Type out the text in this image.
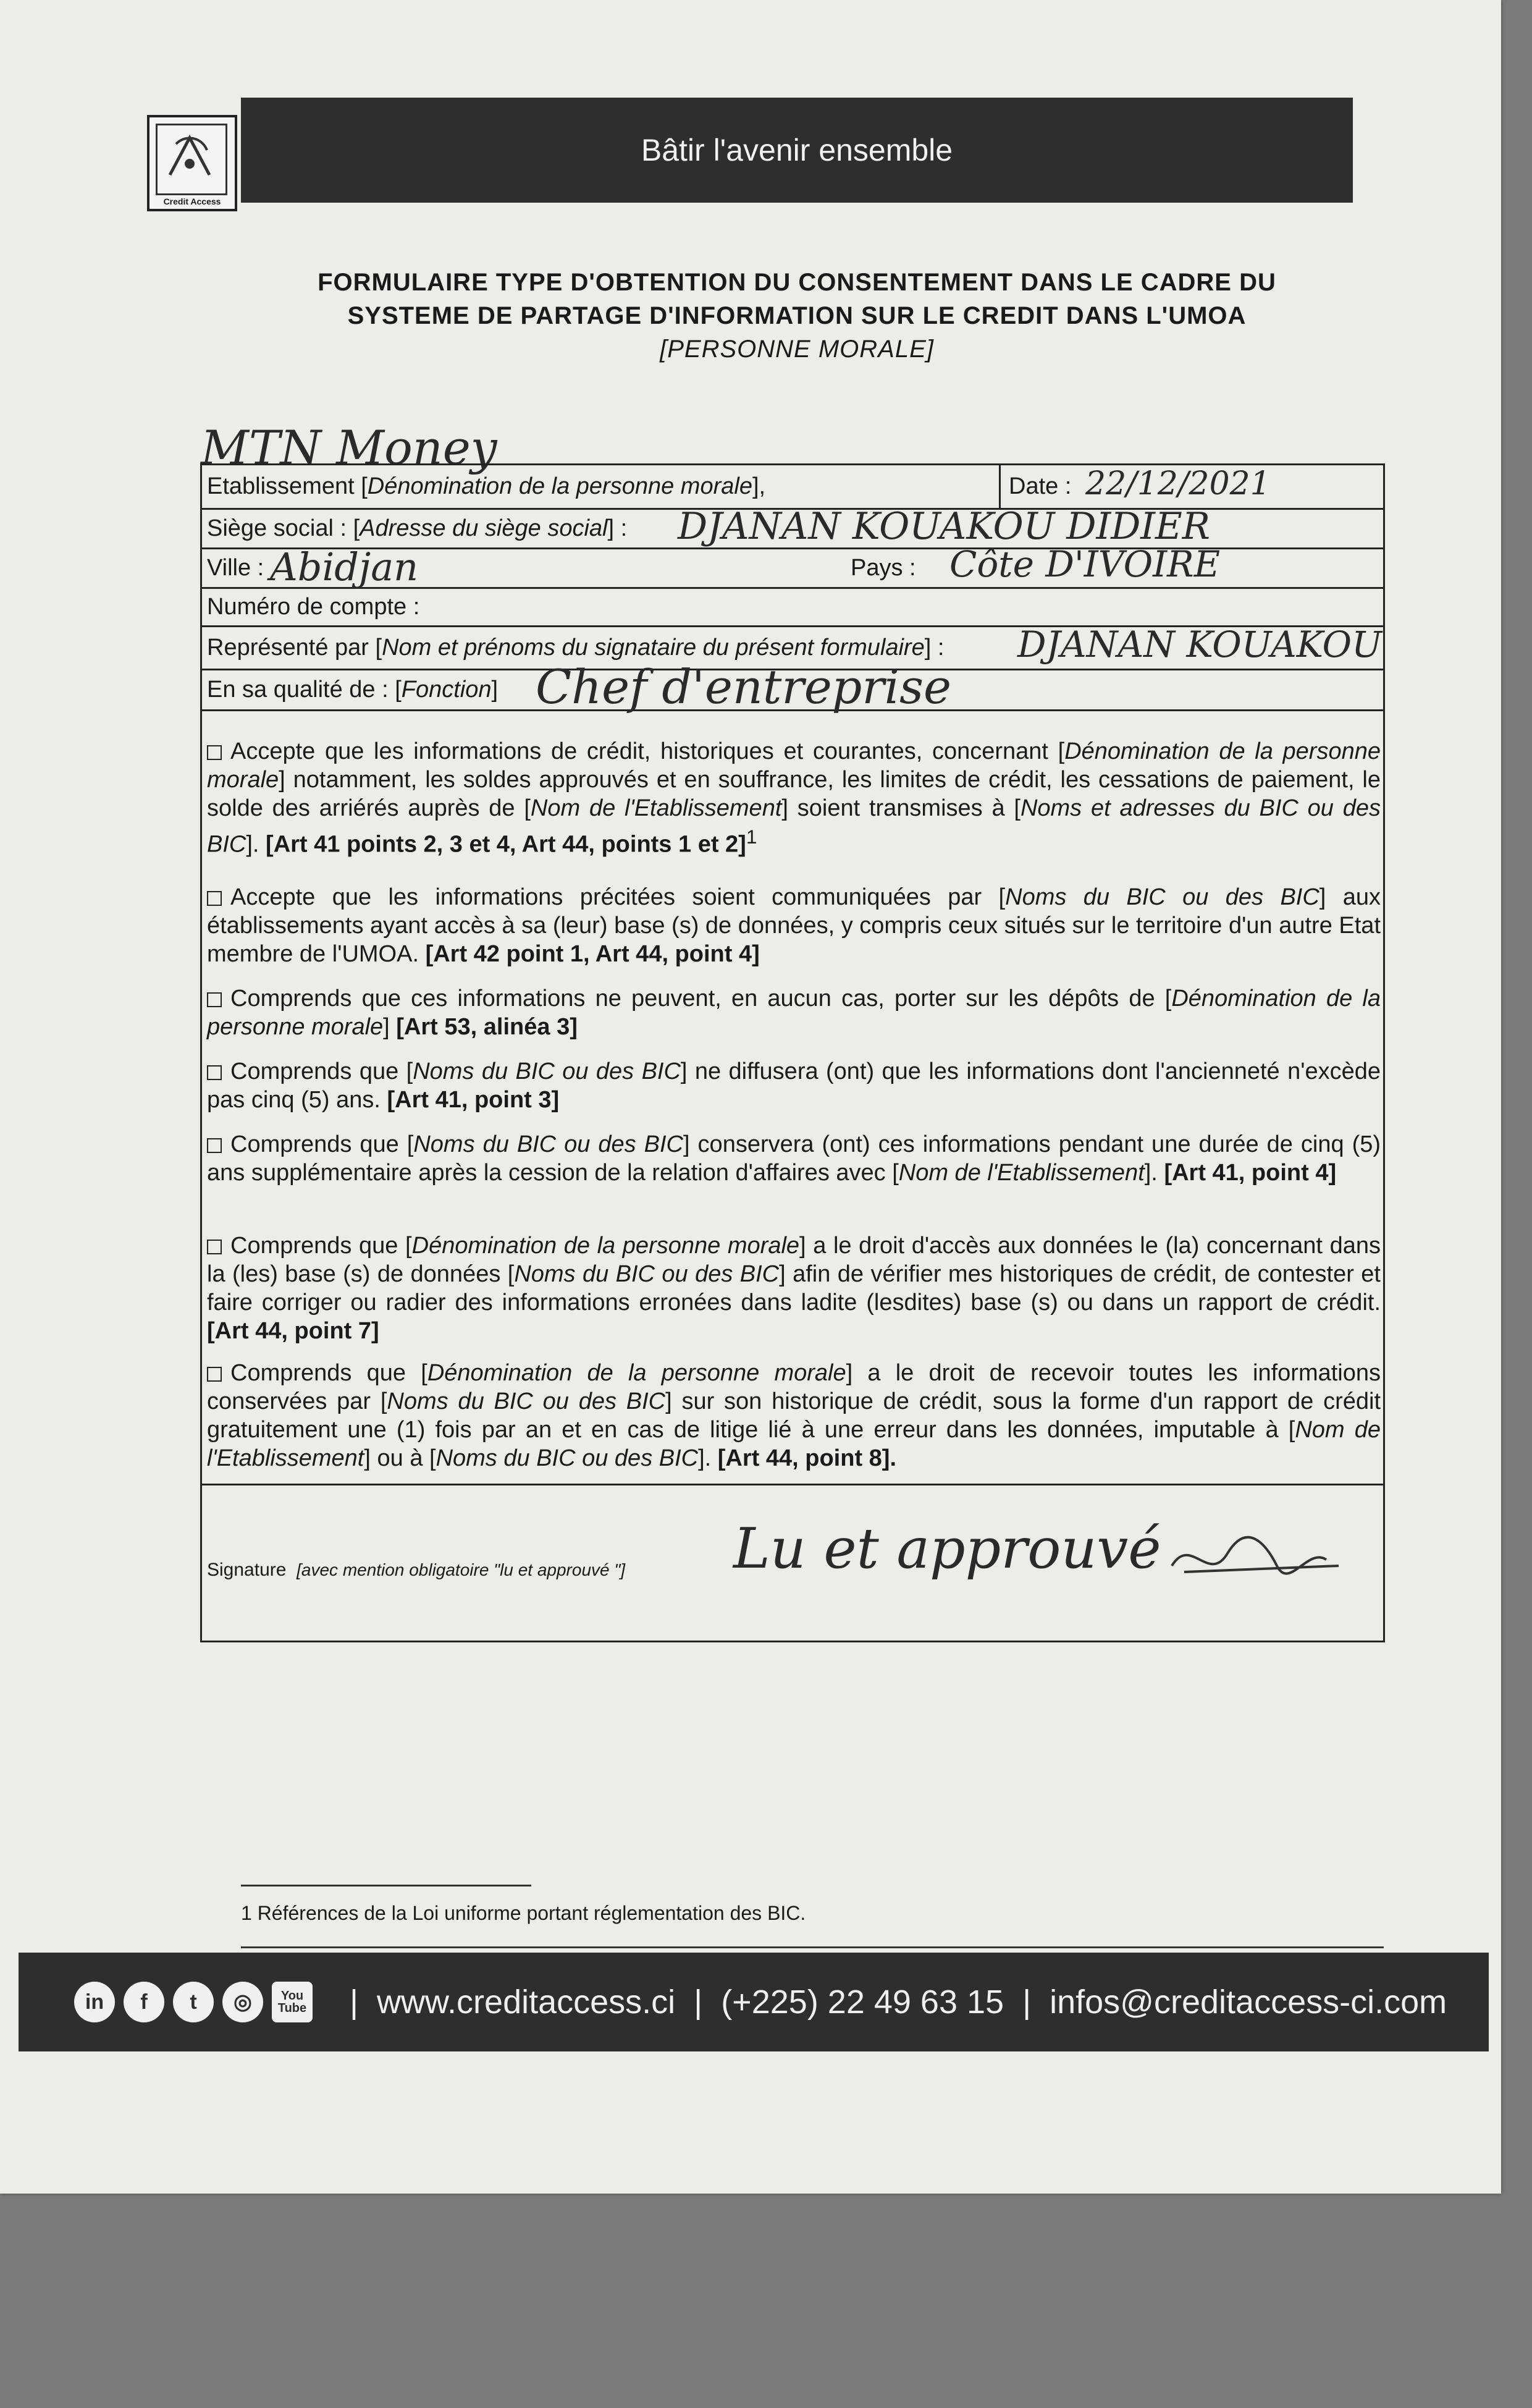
Credit Access
Bâtir l'avenir ensemble
FORMULAIRE TYPE D'OBTENTION DU CONSENTEMENT DANS LE CADRE DU
SYSTEME DE PARTAGE D'INFORMATION SUR LE CREDIT DANS L'UMOA
[PERSONNE MORALE]
MTN Money
Etablissement [ Dénomination de la personne morale ],	Date : 22/12/2021
Siège social : [ Adresse du siège social ] : DJANAN KOUAKOU DIDIER
Ville : Abidjan	Pays : Côte D'IVOIRE
Numéro de compte :
Représenté par [ Nom et prénoms du signataire du présent formulaire ] : DJANAN KOUAKOU
En sa qualité de : [ Fonction ] Chef d'entreprise
Accepte que les informations de crédit, historiques et courantes, concernant [Dénomination de la personne morale] notamment, les soldes approuvés et en souffrance, les limites de crédit, les cessations de paiement, le solde des arriérés auprès de [Nom de l'Etablissement] soient transmises à [Noms et adresses du BIC ou des BIC]. [Art 41 points 2, 3 et 4, Art 44, points 1 et 2]$^1$
Accepte que les informations précitées soient communiquées par [Noms du BIC ou des BIC] aux établissements ayant accès à sa (leur) base (s) de données, y compris ceux situés sur le territoire d'un autre Etat membre de l'UMOA. [Art 42 point 1, Art 44, point 4]
Comprends que ces informations ne peuvent, en aucun cas, porter sur les dépôts de [Dénomination de la personne morale] [Art 53, alinéa 3]
Comprends que [Noms du BIC ou des BIC] ne diffusera (ont) que les informations dont l'ancienneté n'excède pas cinq (5) ans. [Art 41, point 3]
Comprends que [Noms du BIC ou des BIC] conservera (ont) ces informations pendant une durée de cinq (5) ans supplémentaire après la cession de la relation d'affaires avec [Nom de l'Etablissement]. [Art 41, point 4]
Comprends que [Dénomination de la personne morale] a le droit d'accès aux données le (la) concernant dans la (les) base (s) de données [Noms du BIC ou des BIC] afin de vérifier mes historiques de crédit, de contester et faire corriger ou radier des informations erronées dans ladite (lesdites) base (s) ou dans un rapport de crédit. [Art 44, point 7]
Comprends que [Dénomination de la personne morale] a le droit de recevoir toutes les informations conservées par [Noms du BIC ou des BIC] sur son historique de crédit, sous la forme d'un rapport de crédit gratuitement une (1) fois par an et en cas de litige lié à une erreur dans les données, imputable à [Nom de l'Etablissement] ou à [Noms du BIC ou des BIC]. [Art 44, point 8].
Signature [avec mention obligatoire "lu et approuvé "] Lu et approuvé
1 Références de la Loi uniforme portant réglementation des BIC.
in	f	t	◎	You Tube |  www.creditaccess.ci  |  (+225) 22 49 63 15  |  infos@creditaccess-ci.com
